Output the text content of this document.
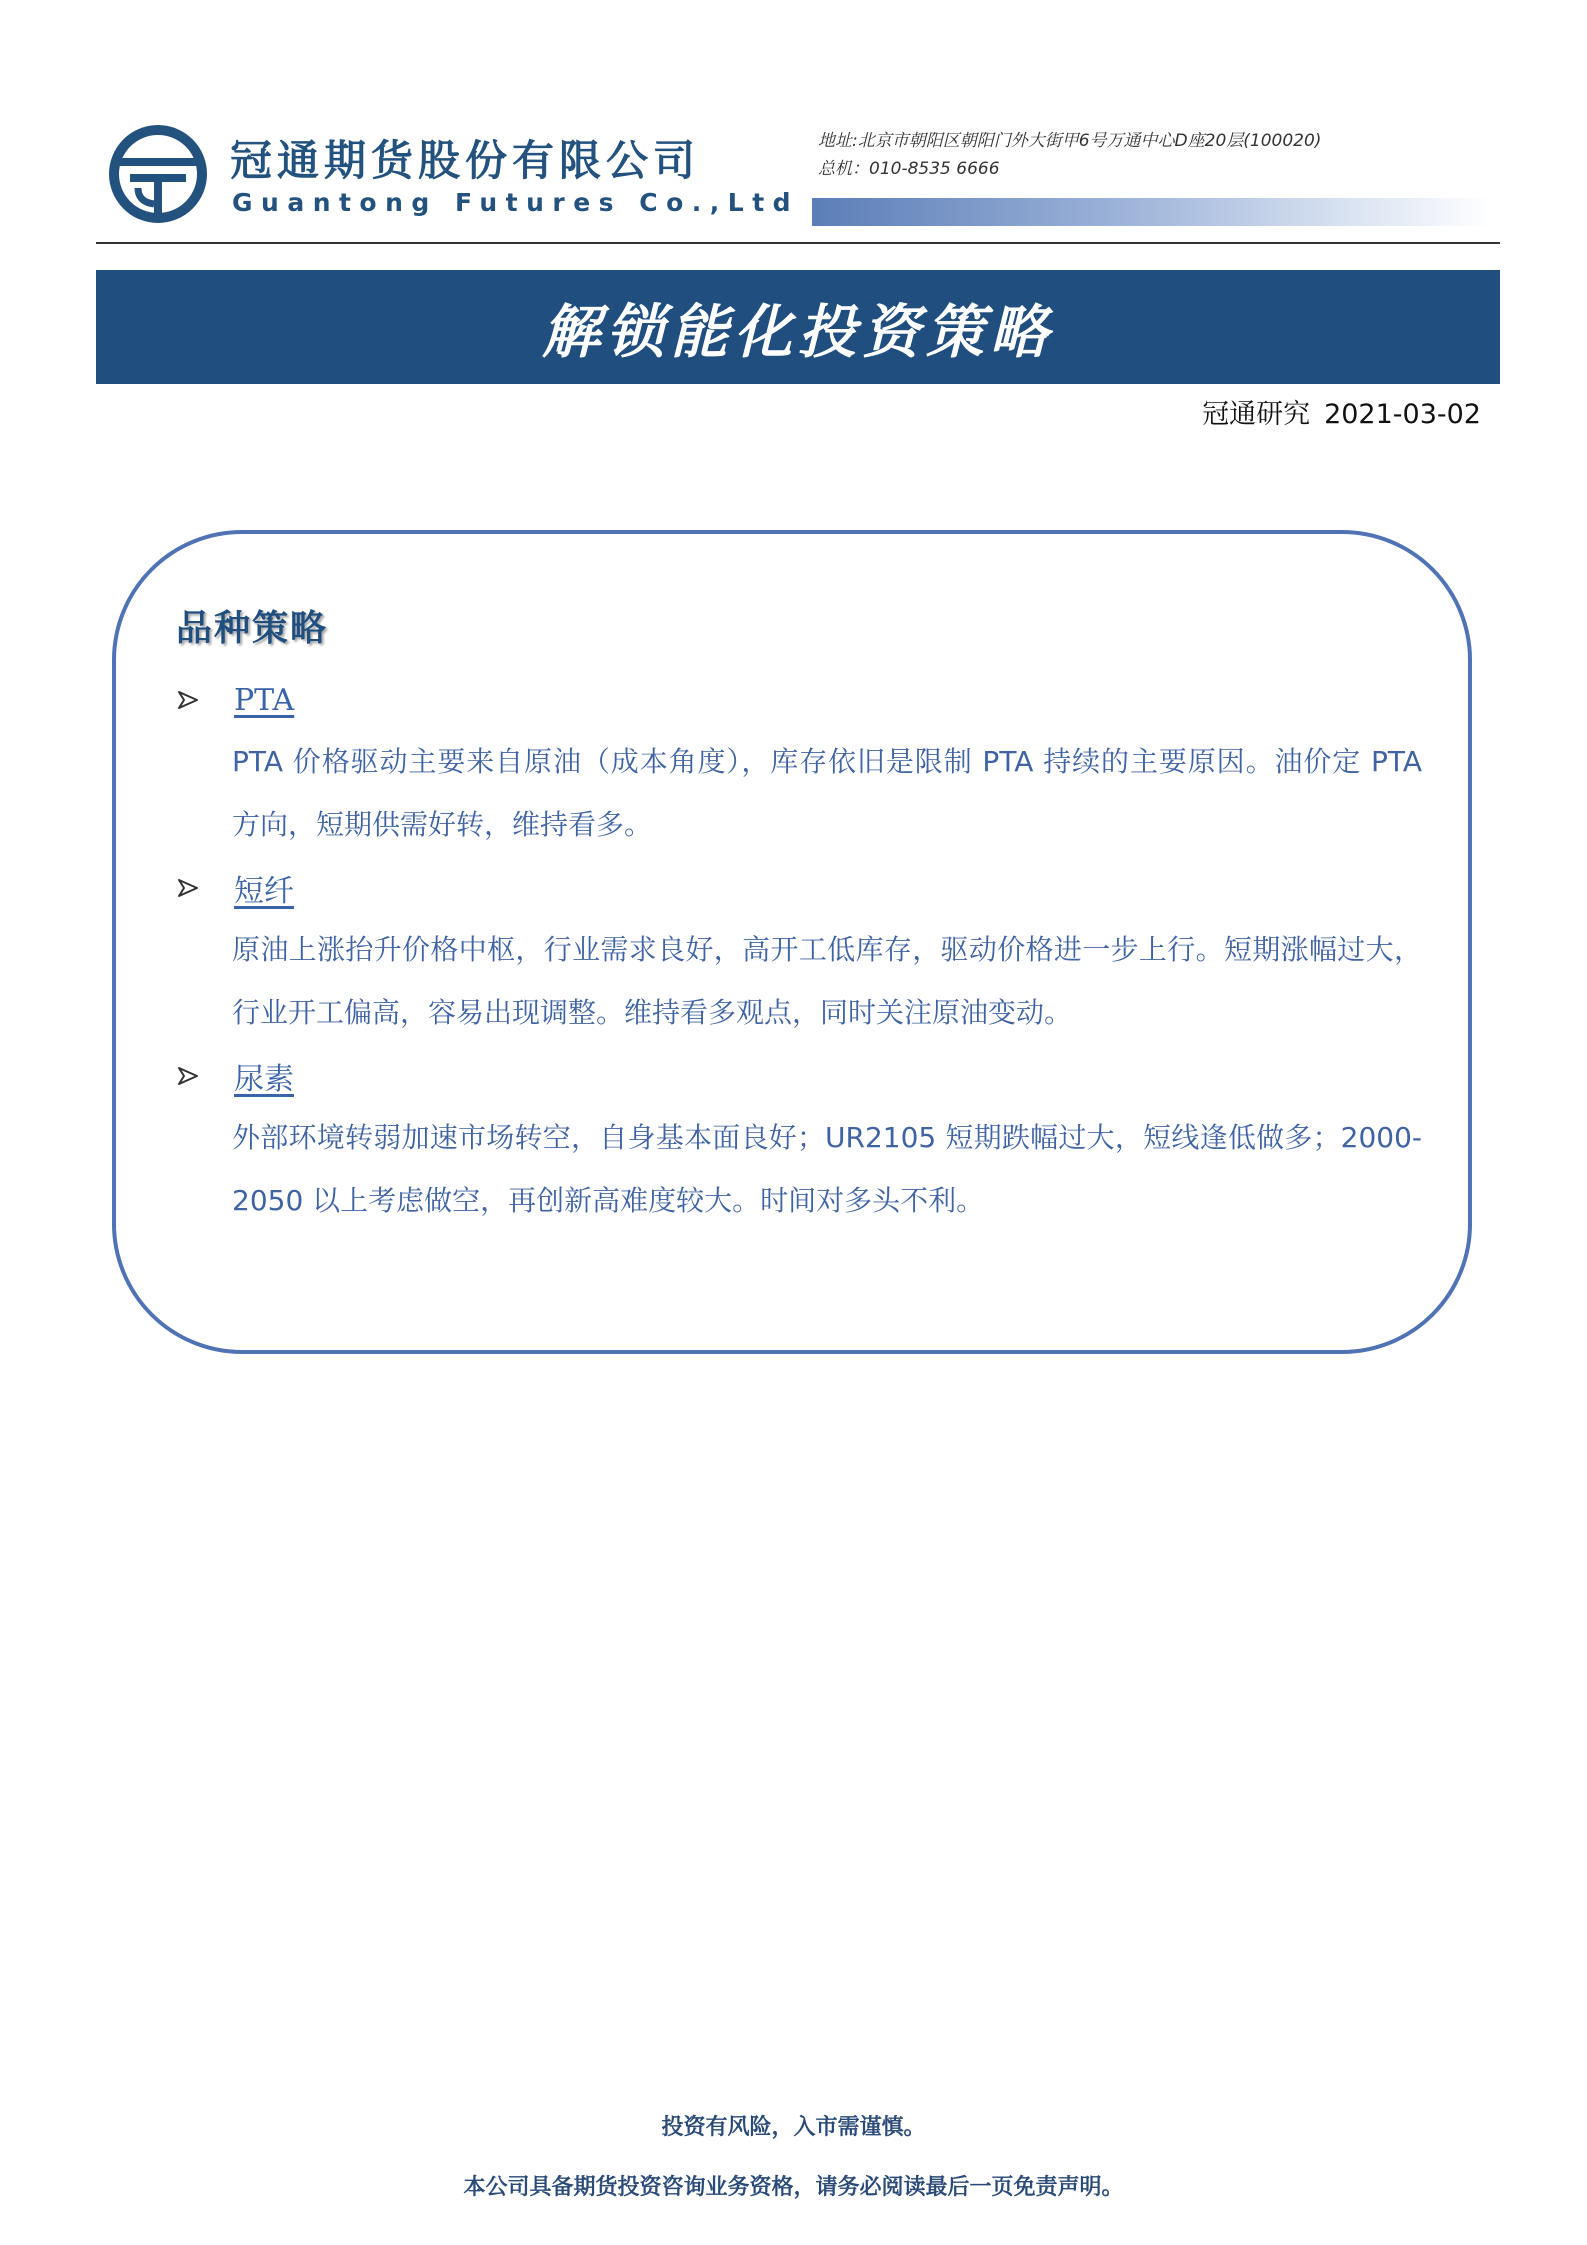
冠通期货股份有限公司
Guantong Futures Co.,Ltd
地址:北京市朝阳区朝阳门外大街甲6号万通中心D座20层(100020)
总机：010-8535 6666
解锁能化投资策略
冠通研究 2021-03-02
品种策略
PTA
PTA 价格驱动主要来自原油（成本角度），库存依旧是限制 PTA 持续的主要原因。油价定 PTA 方向，短期供需好转，维持看多。
短纤
原油上涨抬升价格中枢，行业需求良好，高开工低库存，驱动价格进一步上行。短期涨幅过大，行业开工偏高，容易出现调整。维持看多观点，同时关注原油变动。
尿素
外部环境转弱加速市场转空，自身基本面良好；UR2105 短期跌幅过大，短线逢低做多；2000-2050 以上考虑做空，再创新高难度较大。时间对多头不利。
投资有风险，入市需谨慎。
本公司具备期货投资咨询业务资格，请务必阅读最后一页免责声明。
